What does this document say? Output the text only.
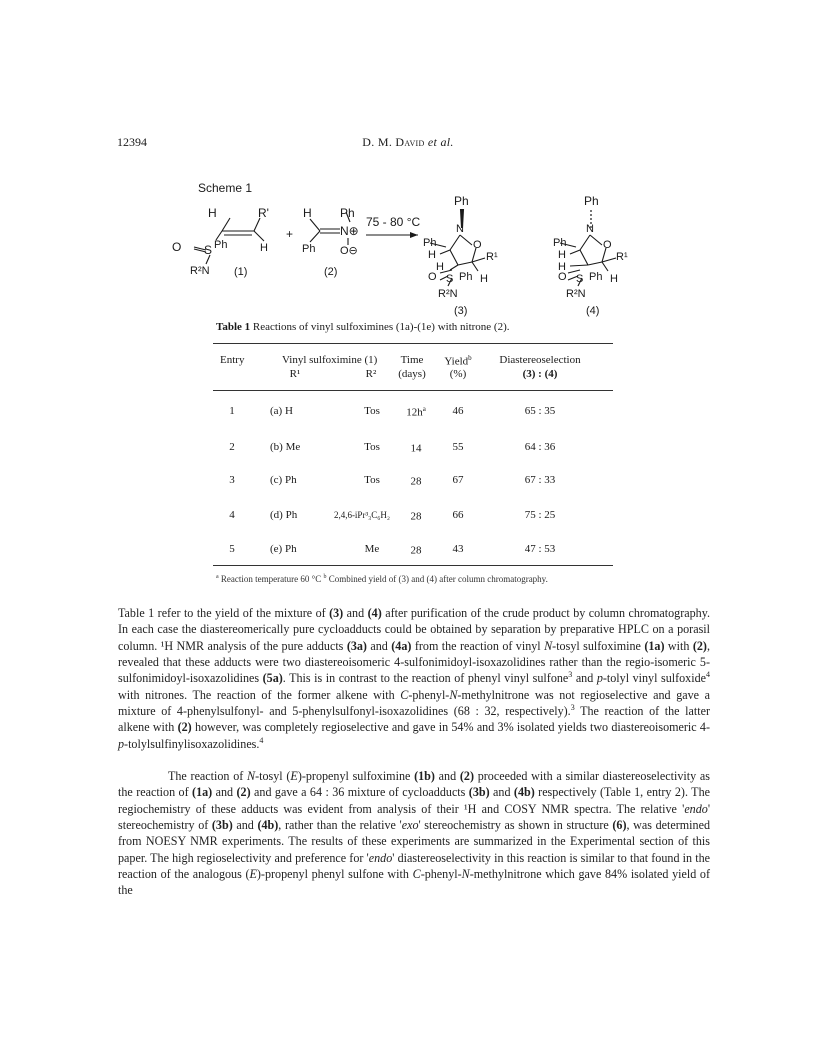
12394	D. M. David et al.
Scheme 1
H	R'
O S Ph	H
R²N (1)
+
H Ph
N⊕
Ph O⊖
(2)
75 - 80 °C
Ph
N
O
Ph
H
H
R¹
O S Ph H
R²N
(3)
Ph
N
O
Ph
H
H
R¹
O S Ph H
R²N
(4)
Table 1 Reactions of vinyl sulfoximines (1a)-(1e) with nitrone (2).
Entry	Vinyl sulfoximine (1)
R¹	R²
Time
(days)
Yield$^b$
(%)
Diastereoselection
(3) : (4)
1	(a) H	Tos	$12h^a$	46	65 : 35
2	(b) Me	Tos	14	55	64 : 36
3	(c) Ph	Tos	28	67	67 : 33
4	(d) Ph	2,4,6-iPr³₃C₆H₂	28	66	75 : 25
5	(e) Ph	Me	28	43	47 : 53
$^a$ Reaction temperature 60 °C $^b$ Combined yield of (3) and (4) after column chromatography.

Table 1 refer to the yield of the mixture of (3) and (4) after purification of the crude product by column chromatography. In each case the diastereomerically pure cycloadducts could be obtained by separation by preparative HPLC on a porasil column. ¹H NMR analysis of the pure adducts (3a) and (4a) from the reaction of vinyl N-tosyl sulfoximine (1a) with (2), revealed that these adducts were two diastereoisomeric 4-sulfonimidoyl-isoxazolidines rather than the regio-isomeric 5-sulfonimidoyl-isoxazolidines (5a). This is in contrast to the reaction of phenyl vinyl sulfone$^3$ and p-tolyl vinyl sulfoxide$^4$ with nitrones. The reaction of the former alkene with C-phenyl-N-methylnitrone was not regioselective and gave a mixture of 4-phenylsulfonyl- and 5-phenylsulfonyl-isoxazolidines (68 : 32, respectively).$^3$ The reaction of the latter alkene with (2) however, was completely regioselective and gave in 54% and 3% isolated yields two diastereoisomeric 4-p-tolylsulfinylisoxazolidines.$^4$

The reaction of N-tosyl (E)-propenyl sulfoximine (1b) and (2) proceeded with a similar diastereoselectivity as the reaction of (1a) and (2) and gave a 64 : 36 mixture of cycloadducts (3b) and (4b) respectively (Table 1, entry 2). The regiochemistry of these adducts was evident from analysis of their ¹H and COSY NMR spectra. The relative 'endo' stereochemistry of (3b) and (4b), rather than the relative 'exo' stereochemistry as shown in structure (6), was determined from NOESY NMR experiments. The results of these experiments are summarized in the Experimental section of this paper. The high regioselectivity and preference for 'endo' diastereoselectivity in this reaction is similar to that found in the reaction of the analogous (E)-propenyl phenyl sulfone with C-phenyl-N-methylnitrone which gave 84% isolated yield of the
